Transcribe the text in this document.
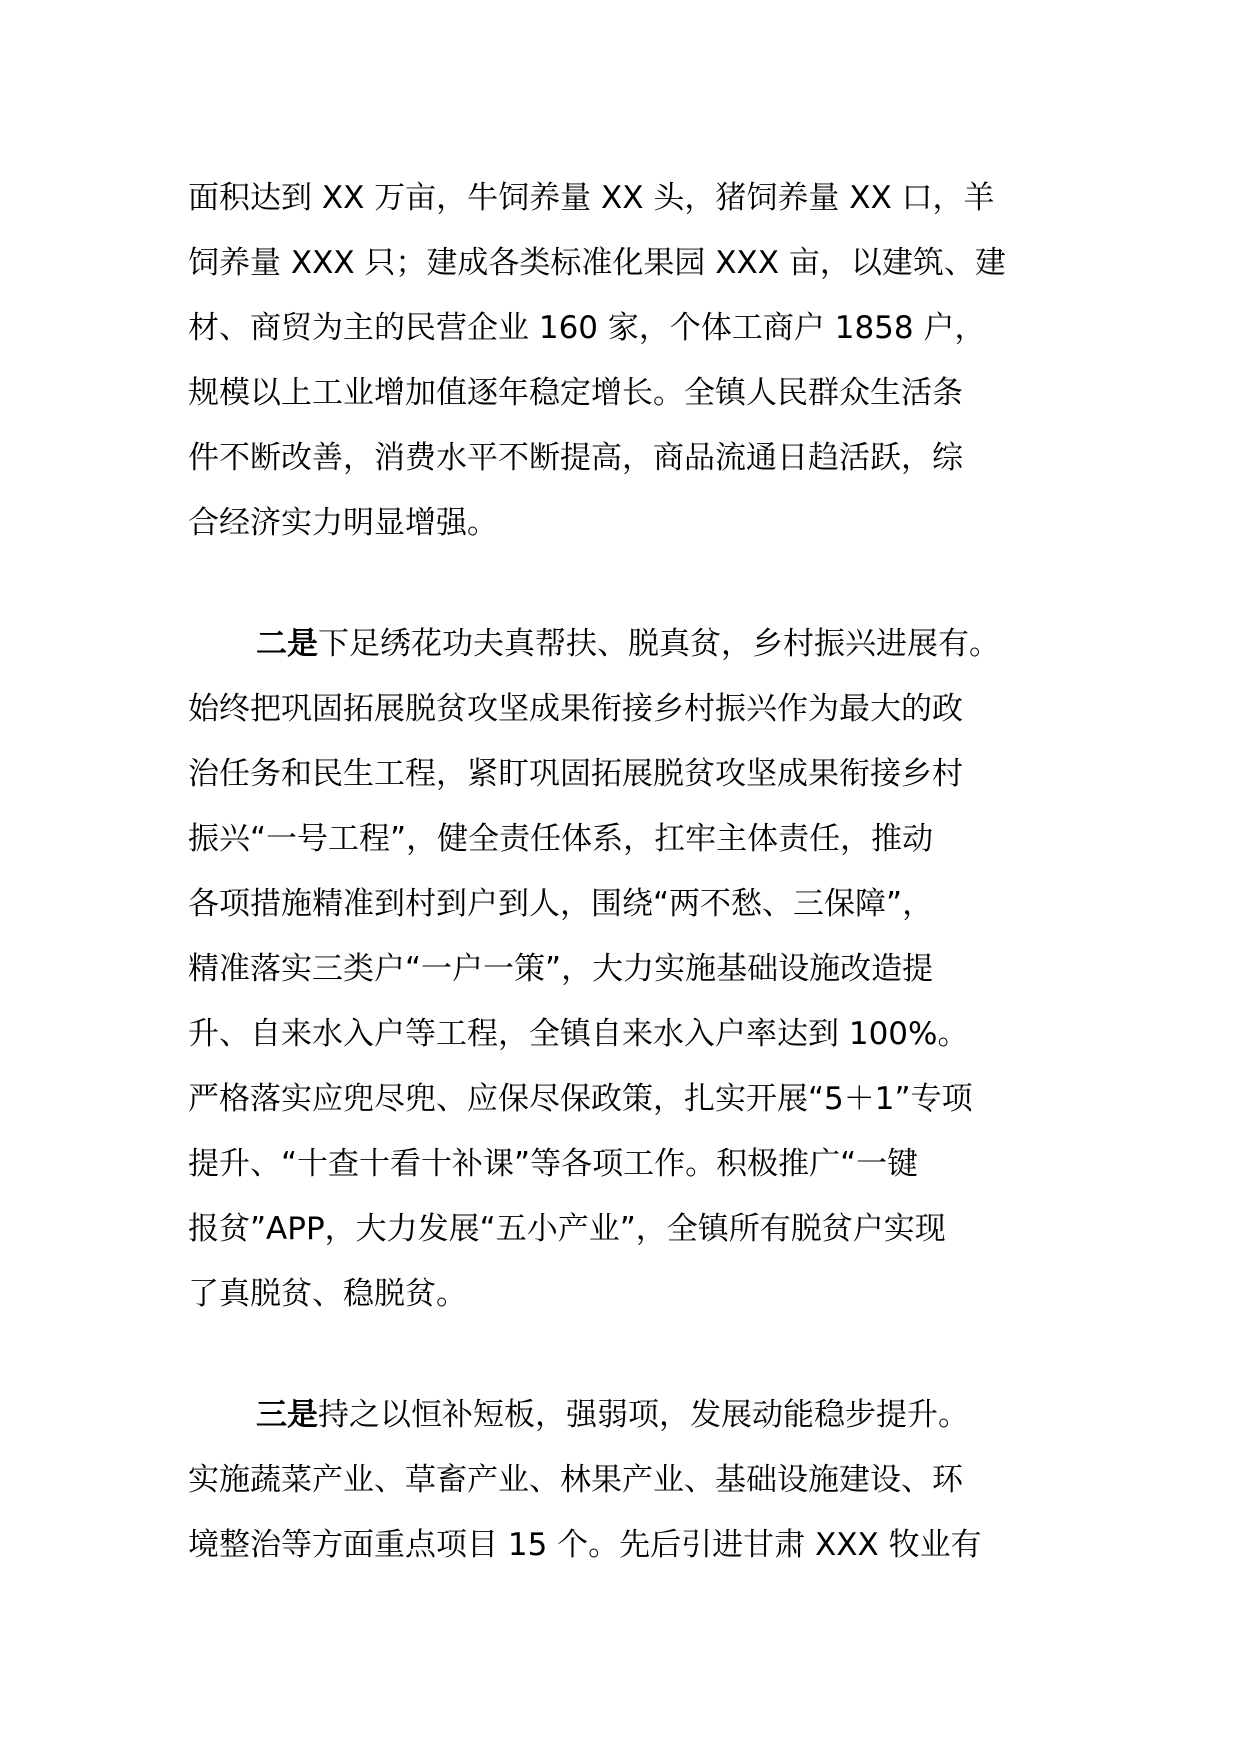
面积达到 XX 万亩，牛饲养量 XX 头，猪饲养量 XX 口，羊
饲养量 XXX 只；建成各类标准化果园 XXX 亩，以建筑、建
材、商贸为主的民营企业 160 家，个体工商户 1858 户，
规模以上工业增加值逐年稳定增长。全镇人民群众生活条
件不断改善，消费水平不断提高，商品流通日趋活跃，综
合经济实力明显增强。
二是下足绣花功夫真帮扶、脱真贫，乡村振兴进展有。
始终把巩固拓展脱贫攻坚成果衔接乡村振兴作为最大的政
治任务和民生工程，紧盯巩固拓展脱贫攻坚成果衔接乡村
振兴“一号工程”，健全责任体系，扛牢主体责任，推动
各项措施精准到村到户到人，围绕“两不愁、三保障”，
精准落实三类户“一户一策”，大力实施基础设施改造提
升、自来水入户等工程，全镇自来水入户率达到 100%。
严格落实应兜尽兜、应保尽保政策，扎实开展“5＋1”专项
提升、“十查十看十补课”等各项工作。积极推广“一键
报贫”APP，大力发展“五小产业”，全镇所有脱贫户实现
了真脱贫、稳脱贫。
三是持之以恒补短板，强弱项，发展动能稳步提升。
实施蔬菜产业、草畜产业、林果产业、基础设施建设、环
境整治等方面重点项目 15 个。先后引进甘肃 XXX 牧业有
